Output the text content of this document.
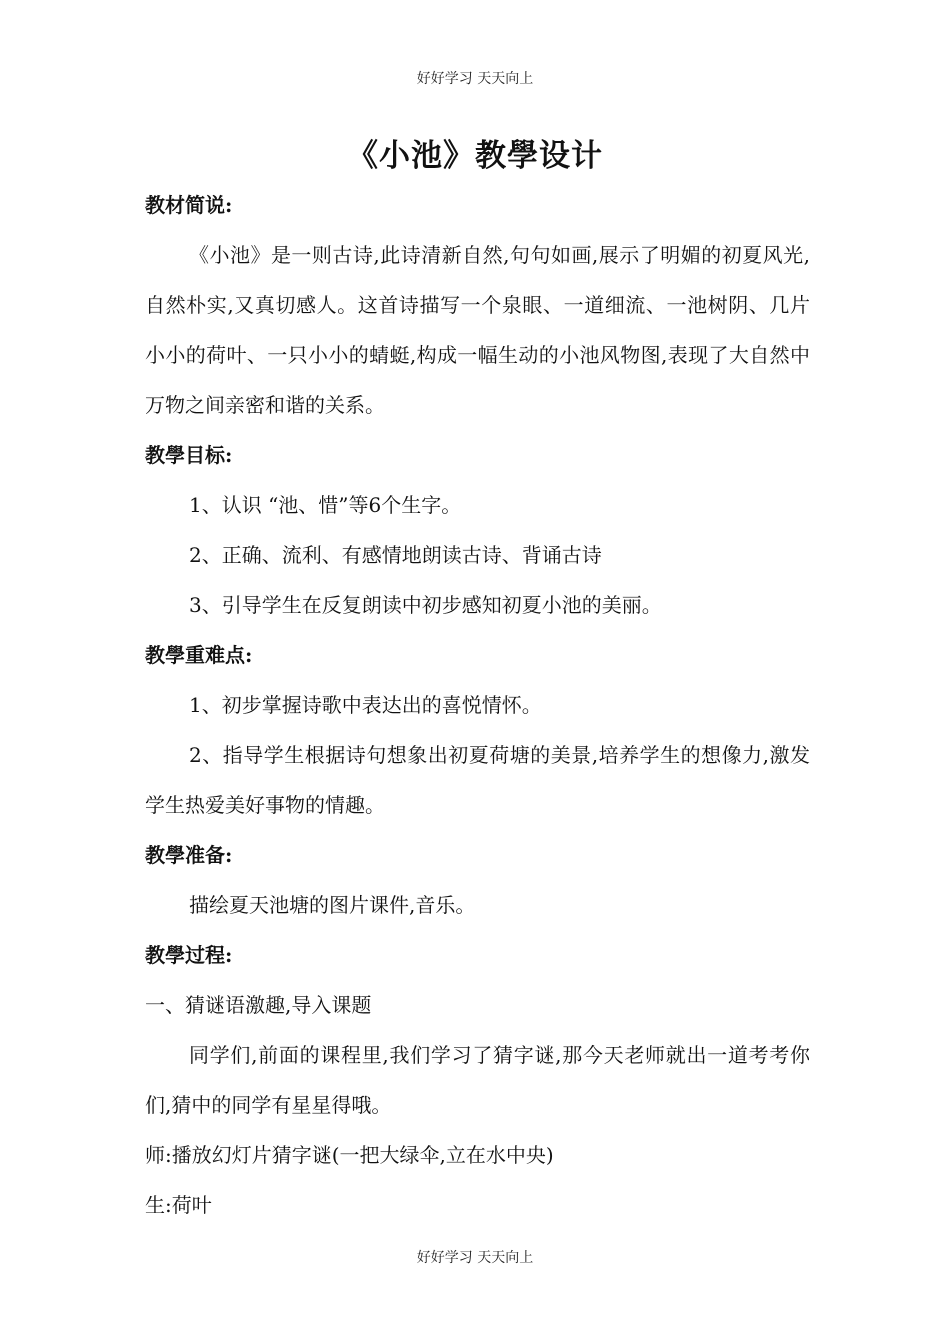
好好学习 天天向上
《小池》教學设计

教材简说:

《小池》是一则古诗,此诗清新自然,句句如画,展示了明媚的初夏风光,自然朴实,又真切感人。这首诗描写一个泉眼、一道细流、一池树阴、几片小小的荷叶、一只小小的蜻蜓,构成一幅生动的小池风物图,表现了大自然中万物之间亲密和谐的关系。

教學目标:

1、认识 “池、惜”等6个生字。

2、正确、流利、有感情地朗读古诗、背诵古诗

3、引导学生在反复朗读中初步感知初夏小池的美丽。

教學重难点:

1、初步掌握诗歌中表达出的喜悦情怀。

2、指导学生根据诗句想象出初夏荷塘的美景,培养学生的想像力,激发学生热爱美好事物的情趣。

教學准备:

描绘夏天池塘的图片课件,音乐。

教學过程:

一、猜谜语激趣,导入课题

同学们,前面的课程里,我们学习了猜字谜,那今天老师就出一道考考你们,猜中的同学有星星得哦。

师:播放幻灯片猜字谜(一把大绿伞,立在水中央)

生:荷叶

好好学习 天天向上
